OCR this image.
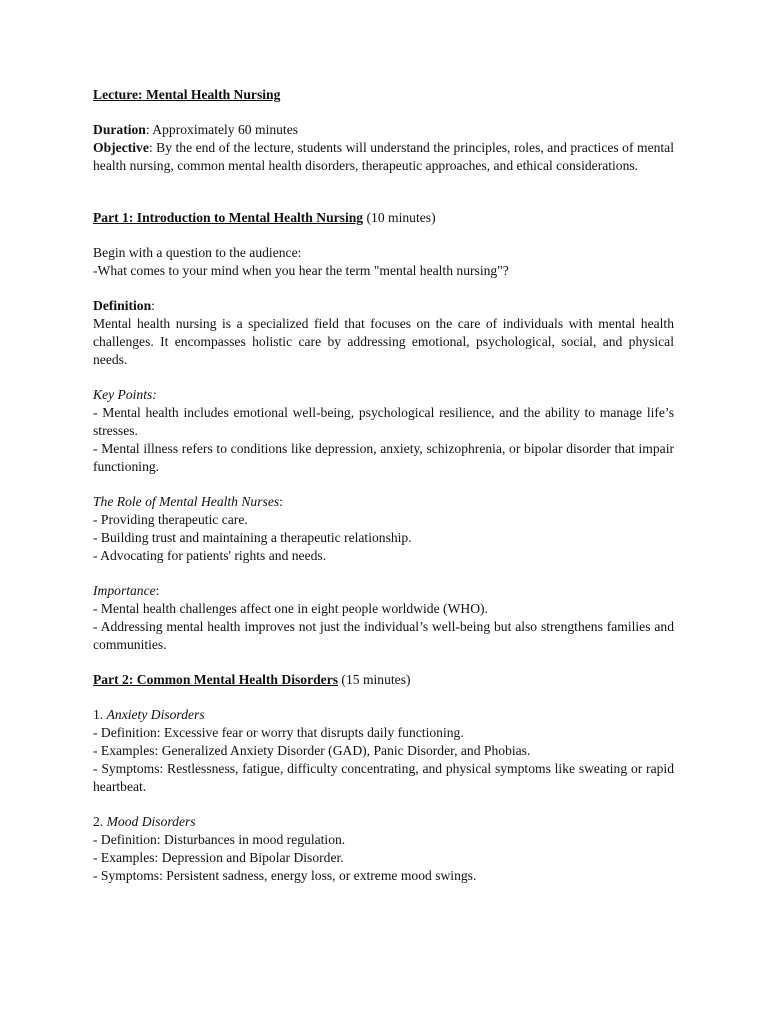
Lecture: Mental Health Nursing

Duration: Approximately 60 minutes

Objective: By the end of the lecture, students will understand the principles, roles, and practices of mental health nursing, common mental health disorders, therapeutic approaches, and ethical considerations.

Part 1: Introduction to Mental Health Nursing (10 minutes)

Begin with a question to the audience:

-What comes to your mind when you hear the term "mental health nursing"?

Definition:

Mental health nursing is a specialized field that focuses on the care of individuals with mental health challenges. It encompasses holistic care by addressing emotional, psychological, social, and physical needs.

Key Points:

- Mental health includes emotional well-being, psychological resilience, and the ability to manage life’s stresses.

- Mental illness refers to conditions like depression, anxiety, schizophrenia, or bipolar disorder that impair functioning.

The Role of Mental Health Nurses:

- Providing therapeutic care.

- Building trust and maintaining a therapeutic relationship.

- Advocating for patients' rights and needs.

Importance:

- Mental health challenges affect one in eight people worldwide (WHO).

- Addressing mental health improves not just the individual’s well-being but also strengthens families and communities.

Part 2: Common Mental Health Disorders (15 minutes)

1. Anxiety Disorders

- Definition: Excessive fear or worry that disrupts daily functioning.

- Examples: Generalized Anxiety Disorder (GAD), Panic Disorder, and Phobias.

- Symptoms: Restlessness, fatigue, difficulty concentrating, and physical symptoms like sweating or rapid heartbeat.

2. Mood Disorders

- Definition: Disturbances in mood regulation.

- Examples: Depression and Bipolar Disorder.

- Symptoms: Persistent sadness, energy loss, or extreme mood swings.
